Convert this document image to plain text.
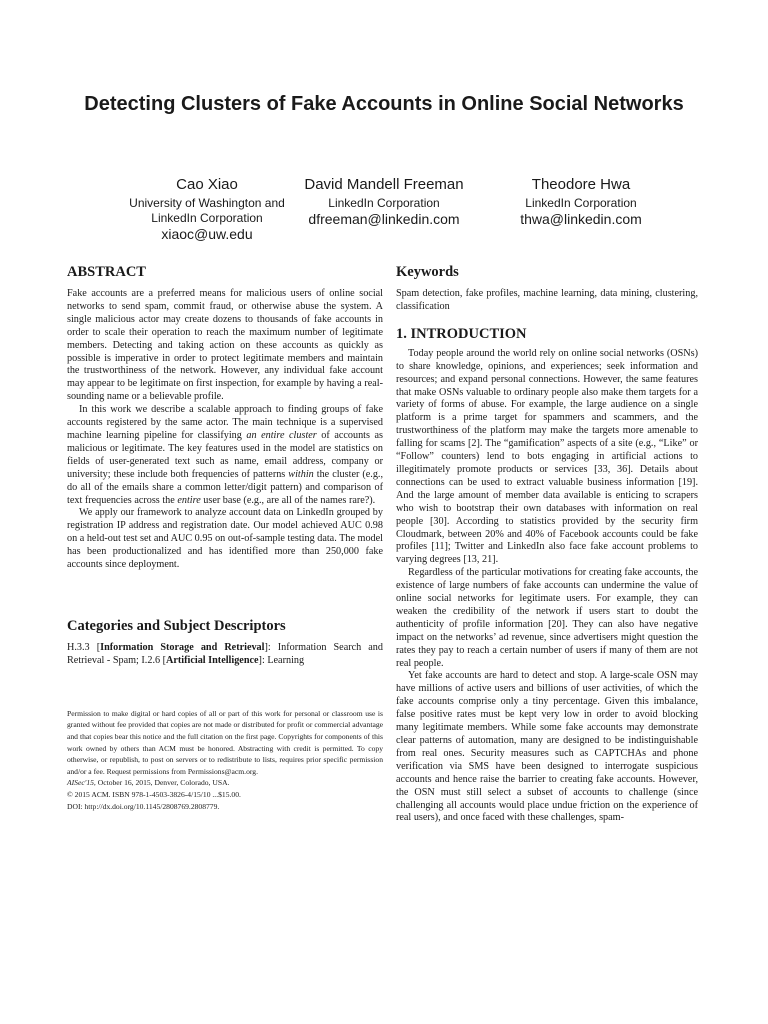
Detecting Clusters of Fake Accounts in Online Social Networks
Cao Xiao
University of Washington and
LinkedIn Corporation
xiaoc@uw.edu
David Mandell Freeman
LinkedIn Corporation
dfreeman@linkedin.com
Theodore Hwa
LinkedIn Corporation
thwa@linkedin.com
ABSTRACT

Fake accounts are a preferred means for malicious users of online social networks to send spam, commit fraud, or otherwise abuse the system. A single malicious actor may create dozens to thousands of fake accounts in order to scale their operation to reach the maximum number of legitimate members. Detecting and taking action on these accounts as quickly as possible is imperative in order to protect legitimate members and maintain the trustworthiness of the network. However, any individual fake account may appear to be legitimate on first inspection, for example by having a real-sounding name or a believable profile.

In this work we describe a scalable approach to finding groups of fake accounts registered by the same actor. The main technique is a supervised machine learning pipeline for classifying an entire cluster of accounts as malicious or legitimate. The key features used in the model are statistics on fields of user-generated text such as name, email address, company or university; these include both frequencies of patterns within the cluster (e.g., do all of the emails share a common letter/digit pattern) and comparison of text frequencies across the entire user base (e.g., are all of the names rare?).

We apply our framework to analyze account data on LinkedIn grouped by registration IP address and registration date. Our model achieved AUC 0.98 on a held-out test set and AUC 0.95 on out-of-sample testing data. The model has been productionalized and has identified more than 250,000 fake accounts since deployment.

Categories and Subject Descriptors

H.3.3 [Information Storage and Retrieval]: Information Search and Retrieval - Spam; I.2.6 [Artificial Intelligence]: Learning

Permission to make digital or hard copies of all or part of this work for personal or classroom use is granted without fee provided that copies are not made or distributed for profit or commercial advantage and that copies bear this notice and the full citation on the first page. Copyrights for components of this work owned by others than ACM must be honored. Abstracting with credit is permitted. To copy otherwise, or republish, to post on servers or to redistribute to lists, requires prior specific permission and/or a fee. Request permissions from Permissions@acm.org.

AISec'15, October 16, 2015, Denver, Colorado, USA.

© 2015 ACM. ISBN 978-1-4503-3826-4/15/10 ...$15.00.

DOI: http://dx.doi.org/10.1145/2808769.2808779.

Keywords

Spam detection, fake profiles, machine learning, data mining, clustering, classification

1. INTRODUCTION

Today people around the world rely on online social networks (OSNs) to share knowledge, opinions, and experiences; seek information and resources; and expand personal connections. However, the same features that make OSNs valuable to ordinary people also make them targets for a variety of forms of abuse. For example, the large audience on a single platform is a prime target for spammers and scammers, and the trustworthiness of the platform may make the targets more amenable to falling for scams [2]. The “gamification” aspects of a site (e.g., “Like” or “Follow” counters) lend to bots engaging in artificial actions to illegitimately promote products or services [33, 36]. Details about connections can be used to extract valuable business information [19]. And the large amount of member data available is enticing to scrapers who wish to bootstrap their own databases with information on real people [30]. According to statistics provided by the security firm Cloudmark, between 20% and 40% of Facebook accounts could be fake profiles [11]; Twitter and LinkedIn also face fake account problems to varying degrees [13, 21].

Regardless of the particular motivations for creating fake accounts, the existence of large numbers of fake accounts can undermine the value of online social networks for legitimate users. For example, they can weaken the credibility of the network if users start to doubt the authenticity of profile information [20]. They can also have negative impact on the networks’ ad revenue, since advertisers might question the rates they pay to reach a certain number of users if many of them are not real people.

Yet fake accounts are hard to detect and stop. A large-scale OSN may have millions of active users and billions of user activities, of which the fake accounts comprise only a tiny percentage. Given this imbalance, false positive rates must be kept very low in order to avoid blocking many legitimate members. While some fake accounts may demonstrate clear patterns of automation, many are designed to be indistinguishable from real ones. Security measures such as CAPTCHAs and phone verification via SMS have been designed to interrogate suspicious accounts and hence raise the barrier to creating fake accounts. However, the OSN must still select a subset of accounts to challenge (since challenging all accounts would place undue friction on the experience of real users), and once faced with these challenges, spam-
